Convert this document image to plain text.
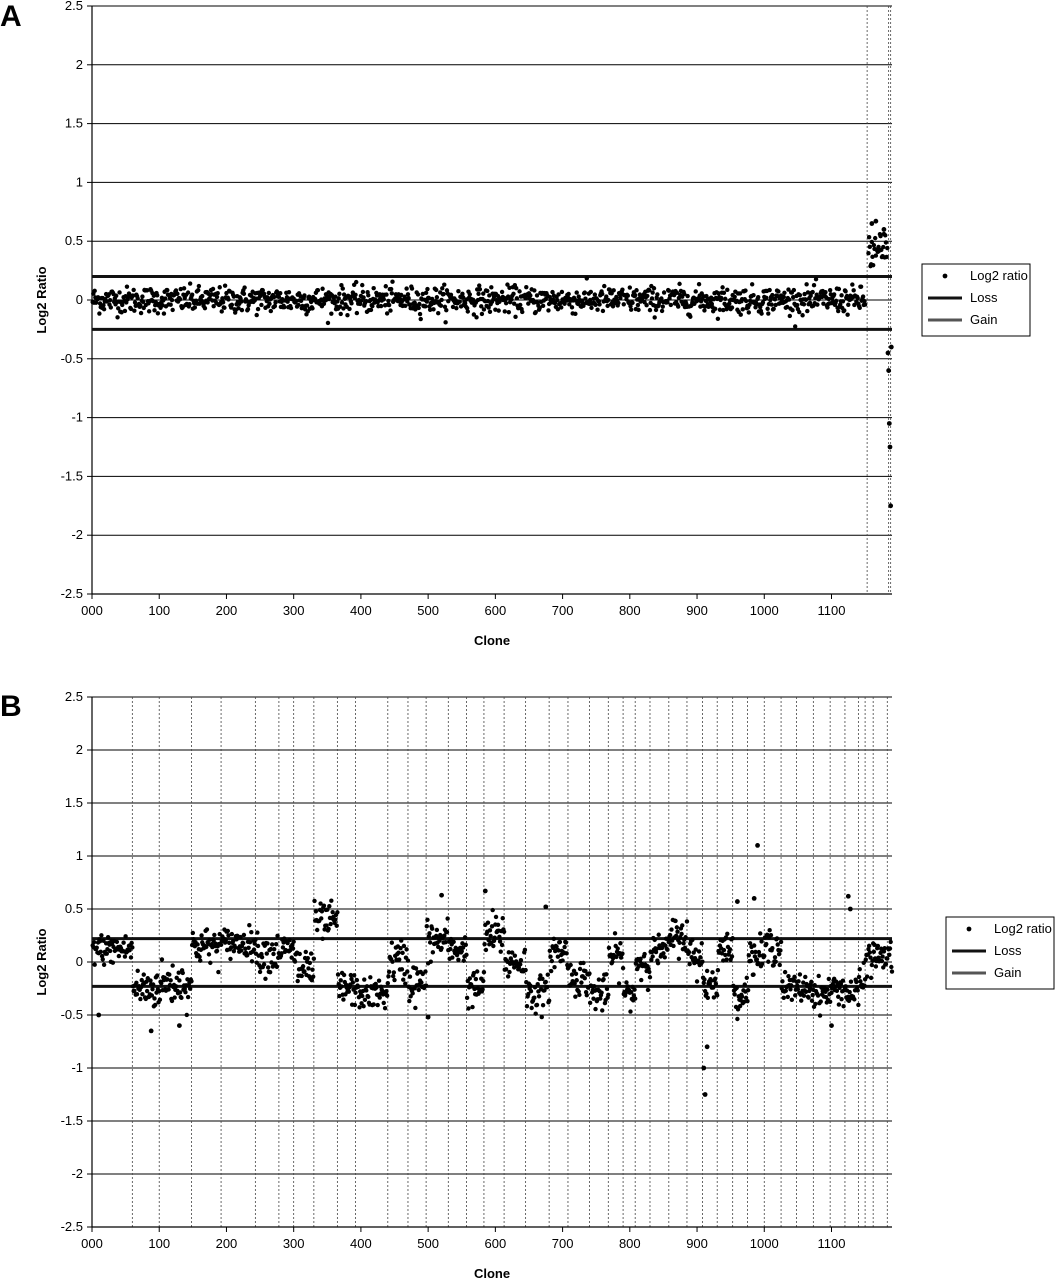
A	2.5
2
1.5
1
0.5
0
-0.5
-1
-1.5
-2
-2.5
000	100	200	300	400	500	600	700	800	900	1000	1100
Clone
Log2 Ratio	Log2 ratio
Loss
Gain
B	2.5
2
1.5
1
0.5
0
-0.5
-1
-1.5
-2
-2.5
000	100	200	300	400	500	600	700	800	900	1000	1100
Clone
Log2 Ratio	Log2 ratio
Loss
Gain
